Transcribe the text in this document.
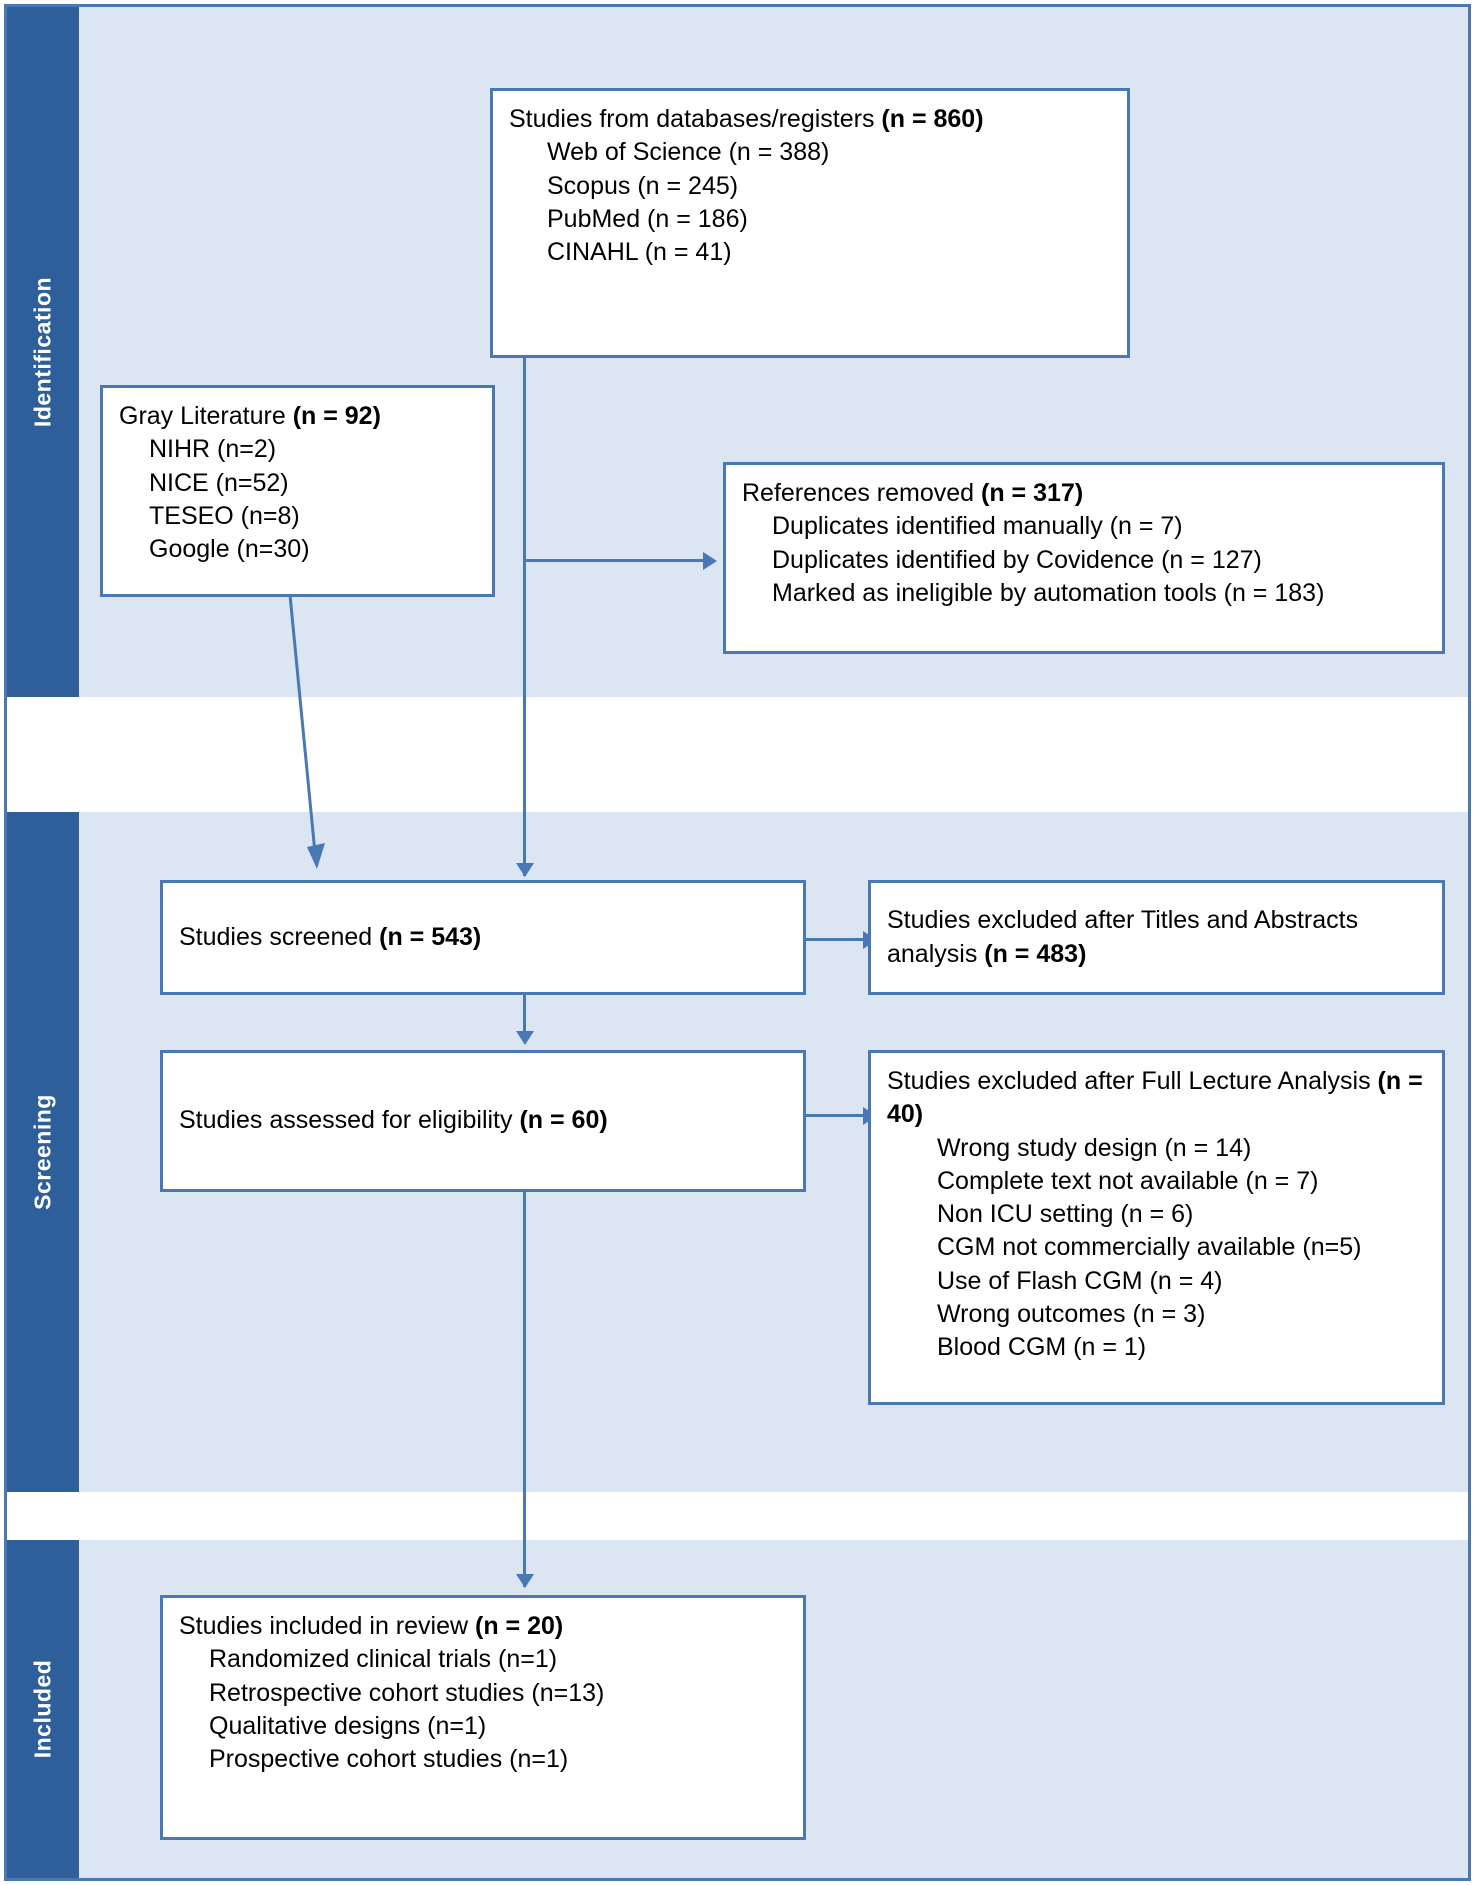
Identification
Screening
Included
Studies from databases/registers (n = 860)
Web of Science (n = 388)
Scopus (n = 245)
PubMed (n = 186)
CINAHL (n = 41)
Gray Literature (n = 92)
NIHR (n=2)
NICE (n=52)
TESEO (n=8)
Google (n=30)
References removed (n = 317)
Duplicates identified manually (n = 7)
Duplicates identified by Covidence (n = 127)
Marked as ineligible by automation tools (n = 183)
Studies screened (n = 543)
Studies excluded after Titles and Abstracts analysis (n = 483)
Studies assessed for eligibility (n = 60)
Studies excluded after Full Lecture Analysis (n = 40)
Wrong study design (n = 14)
Complete text not available (n = 7)
Non ICU setting (n = 6)
CGM not commercially available (n=5)
Use of Flash CGM (n = 4)
Wrong outcomes (n = 3)
Blood CGM (n = 1)
Studies included in review (n = 20)
Randomized clinical trials (n=1)
Retrospective cohort studies (n=13)
Qualitative designs (n=1)
Prospective cohort studies (n=1)
